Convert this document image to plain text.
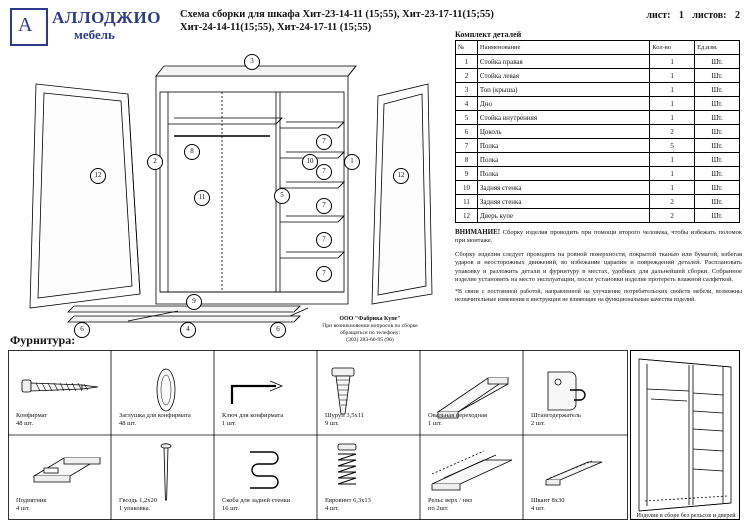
A АЛЛОДЖИО
мебель
Схема сборки для шкафа Хит-23-14-11 (15;55), Хит-23-17-11(15;55)
Хит-24-14-11(15;55), Хит-24-17-11 (15;55)
лист: 1 листов: 2
Комплект деталей
№	Наименование	Кол-во	Ед.изм.
1	Стойка правая	1	Шт.
2	Стойка левая	1	Шт.
3	Топ (крыша)	1	Шт.
4	Дно	1	Шт.
5	Стойка внутренняя	1	Шт.
6	Цоколь	2	Шт.
7	Полка	5	Шт.
8	Полка	1	Шт.
9	Полка	1	Шт.
10	Задняя стенка	1	Шт.
11	Задняя стенка	2	Шт.
12	Дверь купе	2	Шт.

ВНИМАНИЕ! Сборку изделия проводить при помощи второго человека, чтобы избежать поломок при монтаже.

Сборку изделия следует проводить на ровной поверхности, покрытой тканью или бумагой, избегая ударов и неосторожных движений, во избежание царапин и повреждений деталей. Расплановать упаковку и разложить детали и фурнитуру в местах, удобных для дальнейшей сборки. Собранное изделие установить на место эксплуатации, после установки изделие протереть влажной салфеткой.

*В связи с постоянной работой, направленной на улучшение потребительских свойств мебели, возможны незначительные изменения в инструкции не влияющие на функциональные качества изделий.

3
2
8
10	1
5
11
12	12
7
7
7
7
7
9
4
6	6
ООО "Фабрика Купе"
При возникновении вопросов по сборке
обращаться по телефону:
(303) 283-60-95 (96)
Фурнитура:
Конфирмат
48 шт.
Заглушка для конфирмата
48 шт.
Ключ для конфирмата
1 шт.
Шуруп 3,5х11
9 шт.
Овальная переходная
1 шт.
Штангодержатель
2 шт.
Подпятник
4 шт.
Гвоздь 1,2х20
1 упаковка.
Скоба для задней стенки
16 шт.
Евровинт 6,3х13
4 шт.
Рельс верх / низ
по 2шт.
Шкант 8х30
4 шт.
Изделие в сборе без рельсов и дверей
